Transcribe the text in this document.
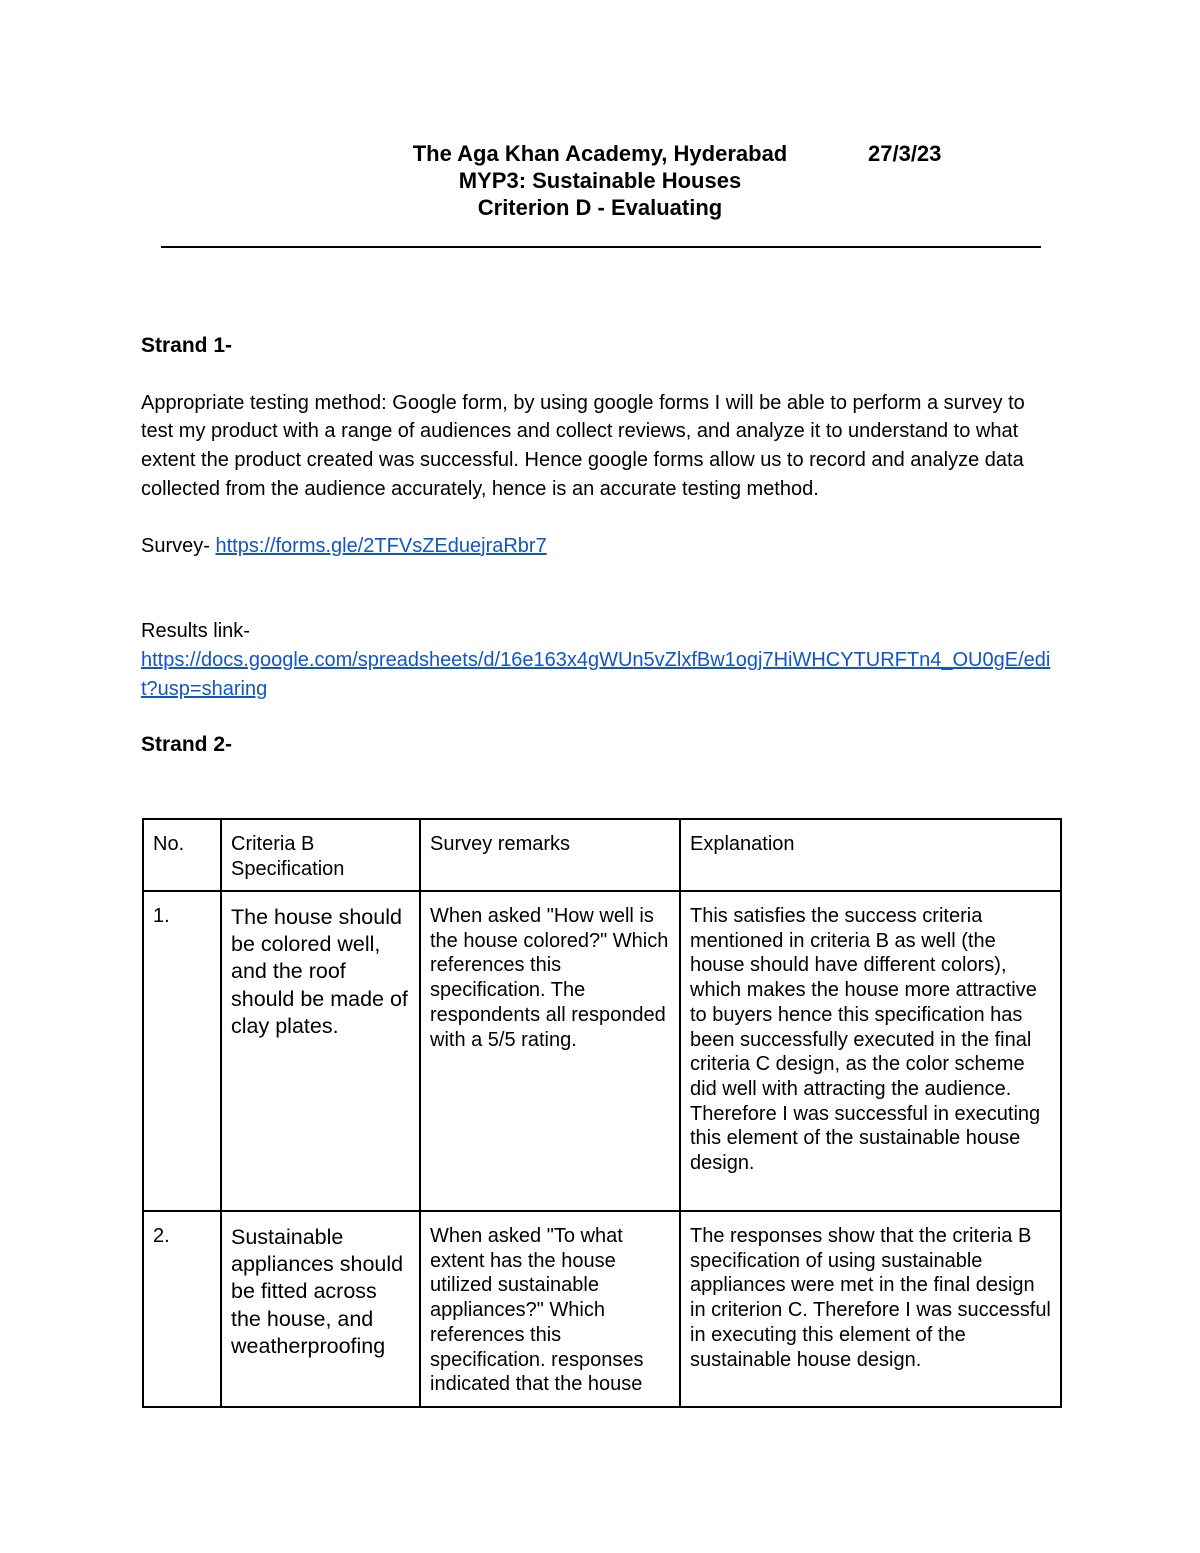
The Aga Khan Academy, Hyderabad
MYP3: Sustainable Houses
Criterion D - Evaluating
27/3/23

Strand 1-

Appropriate testing method: Google form, by using google forms I will be able to perform a survey to test my product with a range of audiences and collect reviews, and analyze it to understand to what extent the product created was successful. Hence google forms allow us to record and analyze data collected from the audience accurately, hence is an accurate testing method.

Survey- https://forms.gle/2TFVsZEduejraRbr7

Results link-

https://docs.google.com/spreadsheets/d/16e163x4gWUn5vZlxfBw1ogj7HiWHCYTURFTn4_OU0gE/edit?usp=sharing

Strand 2-

No.	Criteria B Specification	Survey remarks	Explanation
1.	The house should be colored well, and the roof should be made of clay plates.	When asked "How well is the house colored?" Which references this specification. The respondents all responded with a 5/5 rating.	This satisfies the success criteria mentioned in criteria B as well (the house should have different colors), which makes the house more attractive to buyers hence this specification has been successfully executed in the final criteria C design, as the color scheme did well with attracting the audience. Therefore I was successful in executing this element of the sustainable house design.
2.	Sustainable appliances should be fitted across the house, and weatherproofing	When asked "To what extent has the house utilized sustainable appliances?" Which references this specification. responses indicated that the house	The responses show that the criteria B specification of using sustainable appliances were met in the final design in criterion C. Therefore I was successful in executing this element of the sustainable house design.
